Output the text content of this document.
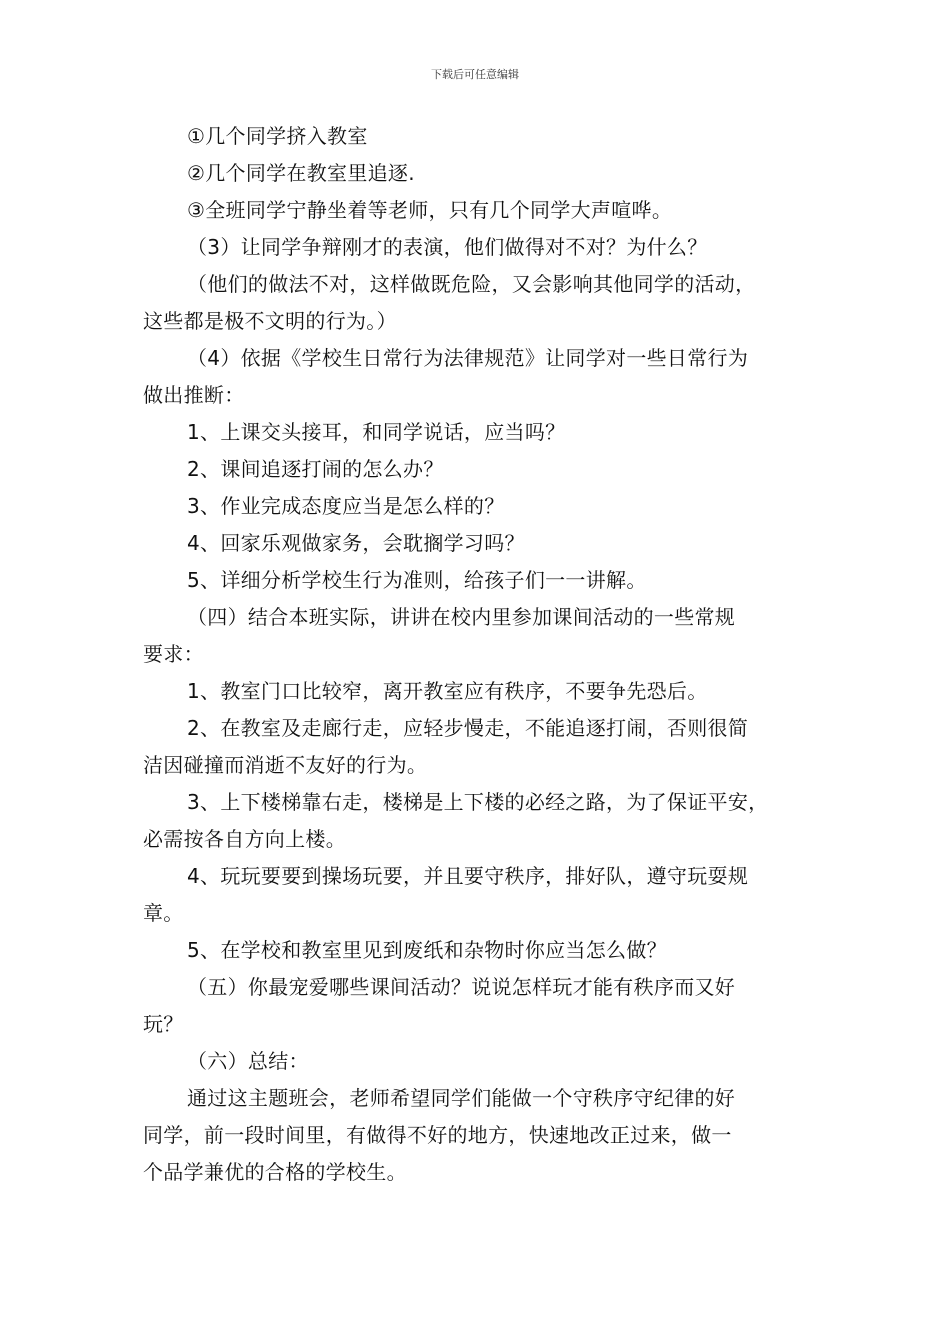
下载后可任意编辑

①几个同学挤入教室

②几个同学在教室里追逐.

③全班同学宁静坐着等老师，只有几个同学大声喧哗。

（3）让同学争辩刚才的表演，他们做得对不对？为什么？

（他们的做法不对，这样做既危险，又会影响其他同学的活动，

这些都是极不文明的行为。）

（4）依据《学校生日常行为法律规范》让同学对一些日常行为

做出推断：

1、上课交头接耳，和同学说话，应当吗？

2、课间追逐打闹的怎么办？

3、作业完成态度应当是怎么样的？

4、回家乐观做家务，会耽搁学习吗？

5、详细分析学校生行为准则，给孩子们一一讲解。

（四）结合本班实际，讲讲在校内里参加课间活动的一些常规

要求：

1、教室门口比较窄，离开教室应有秩序，不要争先恐后。

2、在教室及走廊行走，应轻步慢走，不能追逐打闹，否则很简

洁因碰撞而消逝不友好的行为。

3、上下楼梯靠右走，楼梯是上下楼的必经之路，为了保证平安，

必需按各自方向上楼。

4、玩玩要要到操场玩要，并且要守秩序，排好队，遵守玩耍规

章。

5、在学校和教室里见到废纸和杂物时你应当怎么做？

（五）你最宠爱哪些课间活动？说说怎样玩才能有秩序而又好

玩？

（六）总结：

通过这主题班会，老师希望同学们能做一个守秩序守纪律的好

同学，前一段时间里，有做得不好的地方，快速地改正过来，做一

个品学兼优的合格的学校生。
